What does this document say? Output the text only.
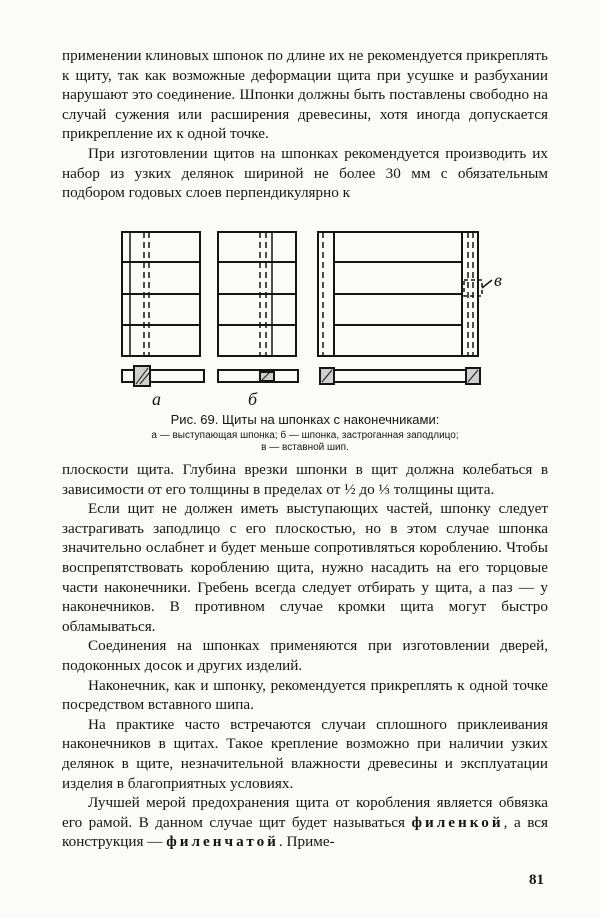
применении клиновых шпонок по длине их не рекомендуется прикреплять к щиту, так как возможные деформации щита при усушке и разбухании нарушают это соединение. Шпонки должны быть поставлены свободно на случай сужения или расширения древесины, хотя иногда допускается прикрепление их к одной точке.

При изготовлении щитов на шпонках рекомендуется производить их набор из узких делянок шириной не более 30 мм с обязательным подбором годовых слоев перпендикулярно к

а	б
в
Рис. 69. Щиты на шпонках с наконечниками:
а — выступающая шпонка; б — шпонка, застроганная заподлицо;
в — вставной шип.

плоскости щита. Глубина врезки шпонки в щит должна колебаться в зависимости от его толщины в пределах от ½ до ⅓ толщины щита.

Если щит не должен иметь выступающих частей, шпонку следует застрагивать заподлицо с его плоскостью, но в этом случае шпонка значительно ослабнет и будет меньше сопротивляться короблению. Чтобы воспрепятствовать короблению щита, нужно насадить на его торцовые части наконечники. Гребень всегда следует отбирать у щита, а паз — у наконечников. В противном случае кромки щита могут быстро обламываться.

Соединения на шпонках применяются при изготовлении дверей, подоконных досок и других изделий.

Наконечник, как и шпонку, рекомендуется прикреплять к одной точке посредством вставного шипа.

На практике часто встречаются случаи сплошного приклеивания наконечников в щитах. Такое крепление возможно при наличии узких делянок в щите, незначительной влажности древесины и эксплуатации изделия в благоприятных условиях.

Лучшей мерой предохранения щита от коробления является обвязка его рамой. В данном случае щит будет называться филенкой, а вся конструкция — филенчатой. Приме-

81
